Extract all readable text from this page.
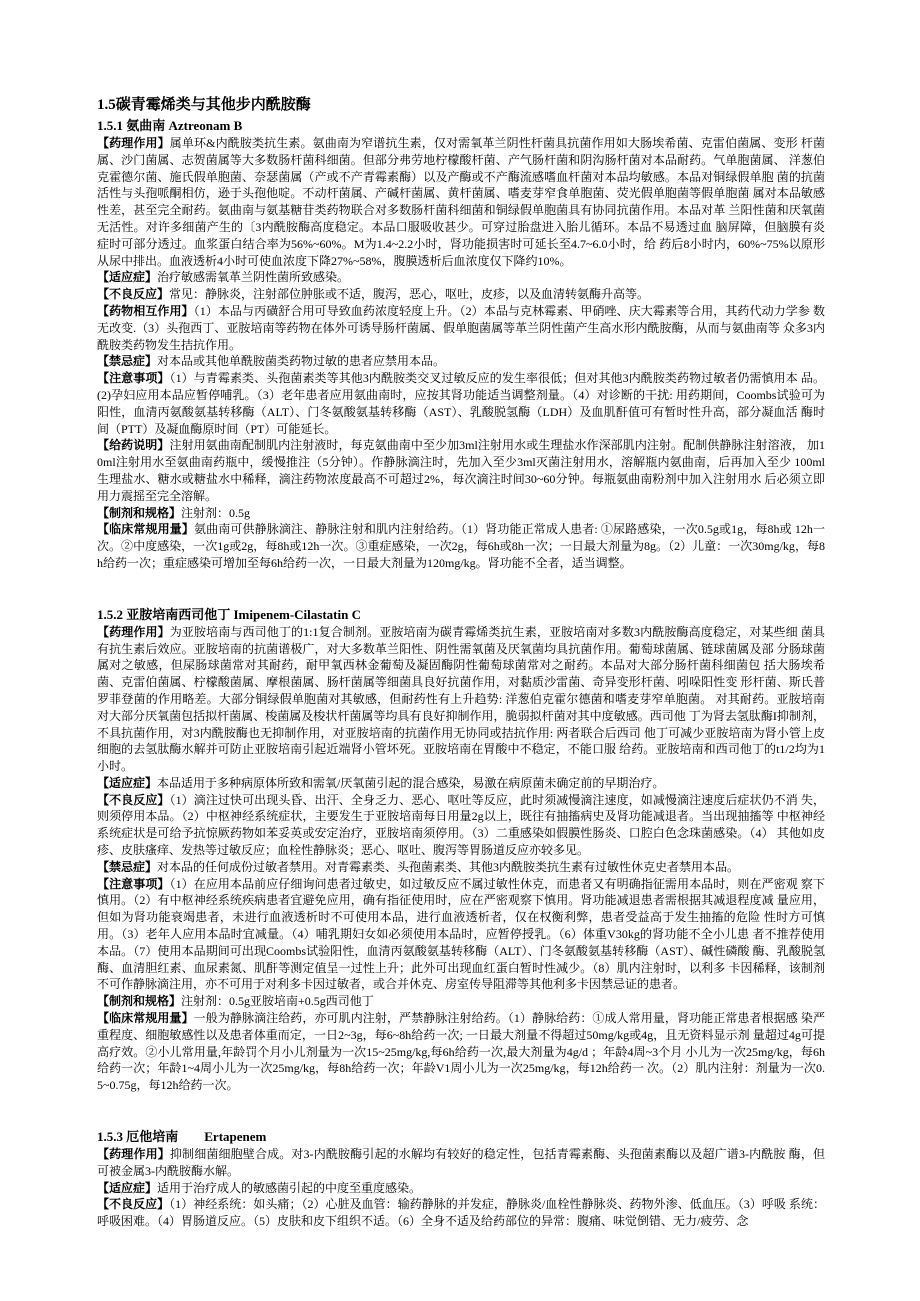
1.5碳青霉烯类与其他步内酰胺酶
1.5.1 氨曲南 Aztreonam B

【药理作用】属单环&内酰胺类抗生素。氨曲南为窄谱抗生素，仅对需氧革兰阴性杆菌具抗菌作用如大肠埃希菌、克雷伯菌属、变形 杆菌属、沙门菌属、志贺菌属等大多数肠杆菌科细菌。但部分弗劳地柠檬酸杆菌、产气肠杆菌和阴沟肠杆菌对本品耐药。气单胞菌属、 洋葱伯克霍德尔菌、施氏假单胞菌、奈瑟菌属（产或不产青霉素酶）以及产酶或不产酶流感嗜血杆菌对本品均敏感。本品对铜绿假单胞 菌的抗菌活性与头孢哌酮相仿，逊于头孢他啶。不动杆菌属、产碱杆菌属、黄杆菌属、嗜麦芽窄食单胞菌、荧光假单胞菌等假单胞菌 属对本品敏感性差，甚至完全耐药。氨曲南与氨基糖苷类药物联合对多数肠杆菌科细菌和铜绿假单胞菌具有协同抗菌作用。本品对革 兰阳性菌和厌氧菌无活性。对许多细菌产生的〔3内酰胺酶高度稳定。本品口服吸收甚少。可穿过胎盘进入胎儿循环。本品不易透过血 脑屏障，但脑膜有炎症时可部分透过。血浆蛋白结合率为56%~60%。M为1.4~2.2小时，肾功能损害时可延长至4.7~6.0小时，给 药后8小时内，60%~75%以原形从尿中排出。血液透析4小时可使血浓度下降27%~58%，腹膜透析后血浓度仅下降约10%。

【适应症】治疗敏感需氧革兰阴性菌所致感染。

【不良反应】常见：静脉炎，注射部位肿胀或不适，腹泻，恶心，呕吐，皮疹，以及血清转氨酶升高等。

【药物相互作用】（1）本品与丙磺舒合用可导致血药浓度轻度上升。（2）本品与克林霉素、甲硝唑、庆大霉素等合用，其药代动力学参 数无改变.（3）头孢西丁、亚胺培南等药物在体外可诱导肠杆菌属、假单胞菌属等革兰阴性菌产生高水形内酰胺酶，从而与氨曲南等 众多3内酰胺类药物发生拮抗作用。

【禁忌症】对本品或其他单酰胺菌类药物过敏的患者应禁用本品。

【注意事项】（1）与青霉素类、头孢菌素类等其他3内酰胺类交叉过敏反应的发生率很低；但对其他3内酰胺类药物过敏者仍需慎用本 品。(2)孕妇应用本品应暂停哺乳。（3）老年患者应用氨曲南时，应按其肾功能适当调整剂量。（4）对诊断的干扰: 用药期间，Coombs试验可为阳性，血清丙氨酸氨基转移酶（ALT）、门冬氨酸氨基转移酶（AST）、乳酸脱氢酶（LDH）及血肌酐值可有暂时性升高，部分凝血活 酶时间（PTT）及凝血酶原时间（PT）可能延长。

【给药说明】注射用氨曲南配制肌内注射液时，每克氨曲南中至少加3ml注射用水或生理盐水作深部肌内注射。配制供静脉注射溶液， 加10ml注射用水至氨曲南药瓶中，缓慢推注（5分钟）。作静脉滴注时，先加入至少3ml灭菌注射用水，溶解瓶内氨曲南，后再加入至少 100ml生理盐水、糖水或糖盐水中稀释，滴注药物浓度最高不可超过2%，每次滴注时间30~60分钟。每瓶氨曲南粉剂中加入注射用水 后必须立即用力震摇至完全溶解。

【制剂和规格】注射剂：0.5g

【临床常规用量】氨曲南可供静脉滴注、静脉注射和肌内注射给药。（1）肾功能正常成人患者: ①尿路感染，一次0.5g或1g，每8h或 12h一次。②中度感染，一次1g或2g，每8h或12h一次。③重症感染，一次2g，每6h或8h一次；一日最大剂量为8g。（2）儿童：一次30mg/kg，每8h给药一次；重症感染可增加至每6h给药一次，一日最大剂量为120mg/kg。肾功能不全者，适当调整。

1.5.2 亚胺培南西司他丁 Imipenem-Cilastatin C

【药理作用】为亚胺培南与西司他丁的1:1复合制剂。亚胺培南为碳青霉烯类抗生素，亚胺培南对多数3内酰胺酶高度稳定，对某些细 菌具有抗生素后效应。亚胺培南的抗菌谱极广，对大多数革兰阳性、阴性需氧菌及厌氧菌均具抗菌作用。葡萄球菌属、链球菌属及部 分肠球菌属对之敏感，但屎肠球菌常对其耐药，耐甲氧西林金葡萄及凝固酶阴性葡萄球菌常对之耐药。本品对大部分肠杆菌科细菌包 括大肠埃希菌、克雷伯菌属、柠檬酸菌属、摩根菌属、肠杆菌属等细菌具良好抗菌作用，对黏质沙雷菌、奇异变形杆菌、吲哚阳性变 形杆菌、斯氏普罗菲登菌的作用略差。大部分铜绿假单胞菌对其敏感，但耐药性有上升趋势: 洋葱伯克霍尔德菌和嗜麦芽窄单胞菌。 对其耐药。亚胺培南对大部分厌氧菌包括拟杆菌属、梭菌属及梭状杆菌属等均具有良好抑制作用，脆弱拟杆菌对其中度敏感。西司他 丁为肾去氢肽酶I抑制剂，不具抗菌作用，对3内酰胺酶也无抑制作用，对亚胺培南的抗菌作用无协同或拮抗作用: 两者联合后西司 他丁可减少亚胺培南为肾小管上皮细胞的去氢肽酶水解并可防止亚胺培南引起近端肾小管坏死。亚胺培南在胃酸中不稳定，不能口服 给药。亚胺培南和西司他丁的t1/2均为1小时。

【适应症】本品适用于多种病原体所致和需氧/厌氧菌引起的混合感染，易激在病原菌未确定前的早期治疗。

【不良反应】（1）滴注过快可出现头昏、出汗、全身乏力、恶心、呕吐等反应，此时须减慢滴注速度，如减慢滴注速度后症状仍不消 失，则须停用本品。（2）中枢神经系统症状，主要发生于亚胺培南每日用量2g以上，既往有抽搐病史及肾功能减退者。当出现抽搐等 中枢神经系统症状是可给予抗惊厥药物如苯妥英或安定治疗，亚胺培南须停用。（3）二重感染如假膜性肠炎、口腔白色念珠菌感染。（4） 其他如皮疹、皮肤瘙痒、发热等过敏反应；血栓性静脉炎；恶心、呕吐、腹泻等胃肠道反应亦较多见。

【禁忌症】对本品的任何成份过敏者禁用。对青霉素类、头孢菌素类、其他3内酰胺类抗生素有过敏性休克史者禁用本品。

【注意事项】（1）在应用本品前应仔细询问患者过敏史，如过敏反应不属过敏性休克，而患者又有明确指征需用本品时，则在严密观 察下慎用。（2）有中枢神经系统疾病患者宜避免应用，确有指征使用时，应在严密观察下慎用。肾功能减退患者需根据其减退程度减 量应用，但如为肾功能衰竭患者，未进行血液透析时不可使用本品，进行血液透析者，仅在权衡利弊，患者受益高于发生抽搐的危险 性时方可慎用。（3）老年人应用本品时宜减量。（4）哺乳期妇女如必须使用本品时，应暂停授乳。（6）体重V30kg的肾功能不全小儿患 者不推荐使用本品。（7）使用本品期间可出现Coombs试验阳性，血清丙氨酸氨基转移酶（ALT）、门冬氨酸氨基转移酶（AST）、碱性磷酸 酶、乳酸脱氢酶、血清胆红素、血尿素氮、肌酐等测定值呈一过性上升；此外可出现血红蛋白暂时性减少。（8）肌内注射时，以利多 卡因稀释，该制剂不可作静脉滴注用，亦不可用于对利多卡因过敏者，或合并休克、房室传导阻滞等其他利多卡因禁忌证的患者。

【制剂和规格】注射剂：0.5g亚胺培南+0.5g西司他丁

【临床常规用量】一般为静脉滴注给药，亦可肌内注射，严禁静脉注射给药。（1）静脉给药：①成人常用量，肾功能正常患者根据感 染严重程度、细胞敏感性以及患者体重而定，一日2~3g，每6~8h给药一次; 一日最大剂量不得超过50mg/kg或4g，且无资料显示剂 量超过4g可提高疗效。②小儿常用量,年龄罚个月小儿剂量为一次15~25mg/kg,每6h给药一次,最大剂量为4g/d ；年龄4周~3个月 小儿为一次25mg/kg，每6h给药一次；年龄1~4周小儿为一次25mg/kg，每8h给药一次；年龄V1周小儿为一次25mg/kg，每12h给药一 次。（2）肌内注射：剂量为一次0.5~0.75g，每12h给药一次。

1.5.3 厄他培南　　Ertapenem

【药理作用】抑制细菌细胞壁合成。对3-内酰胺酶引起的水解均有较好的稳定性，包括青霉素酶、头孢菌素酶以及超广谱3-内酰胺 酶，但可被金属3-内酰胺酶水解。

【适应症】适用于治疗成人的敏感菌引起的中度至重度感染。

【不良反应】（1）神经系统：如头痛；（2）心脏及血管：输药静脉的并发症，静脉炎/血栓性静脉炎、药物外渗、低血压。（3）呼吸 系统：呼吸困难。（4）胃肠道反应。（5）皮肤和皮下组织不适。（6）全身不适及给药部位的异常：腹痛、味觉倒错、无力/疲劳、念
